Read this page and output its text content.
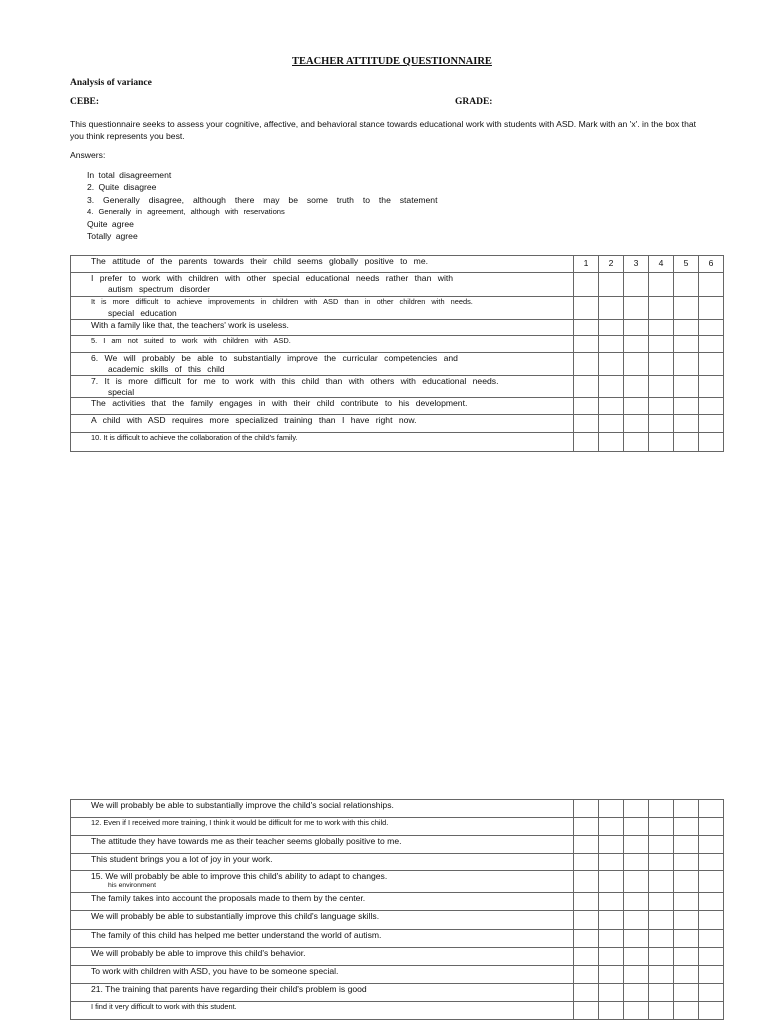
TEACHER ATTITUDE QUESTIONNAIRE
Analysis of variance
CEBE:	GRADE:
This questionnaire seeks to assess your cognitive, affective, and behavioral stance towards educational work with students with ASD. Mark with an 'x'. in the box that you think represents you best.
Answers:
In total disagreement
2. Quite disagree
3. Generally disagree, although there may be some truth to the statement
4. Generally in agreement, although with reservations
Quite agree
Totally agree
The attitude of the parents towards their child seems globally positive to me.	1	2	3	4	5	6
I prefer to work with children with other special educational needs rather than with
autism spectrum disorder						

It is more difficult to achieve improvements in children with ASD than in other children with needs.
special education						

With a family like that, the teachers' work is useless.						
5. I am not suited to work with children with ASD.						
6. We will probably be able to substantially improve the curricular competencies and
academic skills of this child						

7. It is more difficult for me to work with this child than with others with educational needs.
special						

The activities that the family engages in with their child contribute to his development.						
A child with ASD requires more specialized training than I have right now.						
10. It is difficult to achieve the collaboration of the child's family.						
We will probably be able to substantially improve the child's social relationships.						
12. Even if I received more training, I think it would be difficult for me to work with this child.						
The attitude they have towards me as their teacher seems globally positive to me.						
This student brings you a lot of joy in your work.						
15. We will probably be able to improve this child's ability to adapt to changes.
his environment						

The family takes into account the proposals made to them by the center.						
We will probably be able to substantially improve this child's language skills.						
The family of this child has helped me better understand the world of autism.						
We will probably be able to improve this child's behavior.						
To work with children with ASD, you have to be someone special.						
21. The training that parents have regarding their child's problem is good						
I find it very difficult to work with this student.						
